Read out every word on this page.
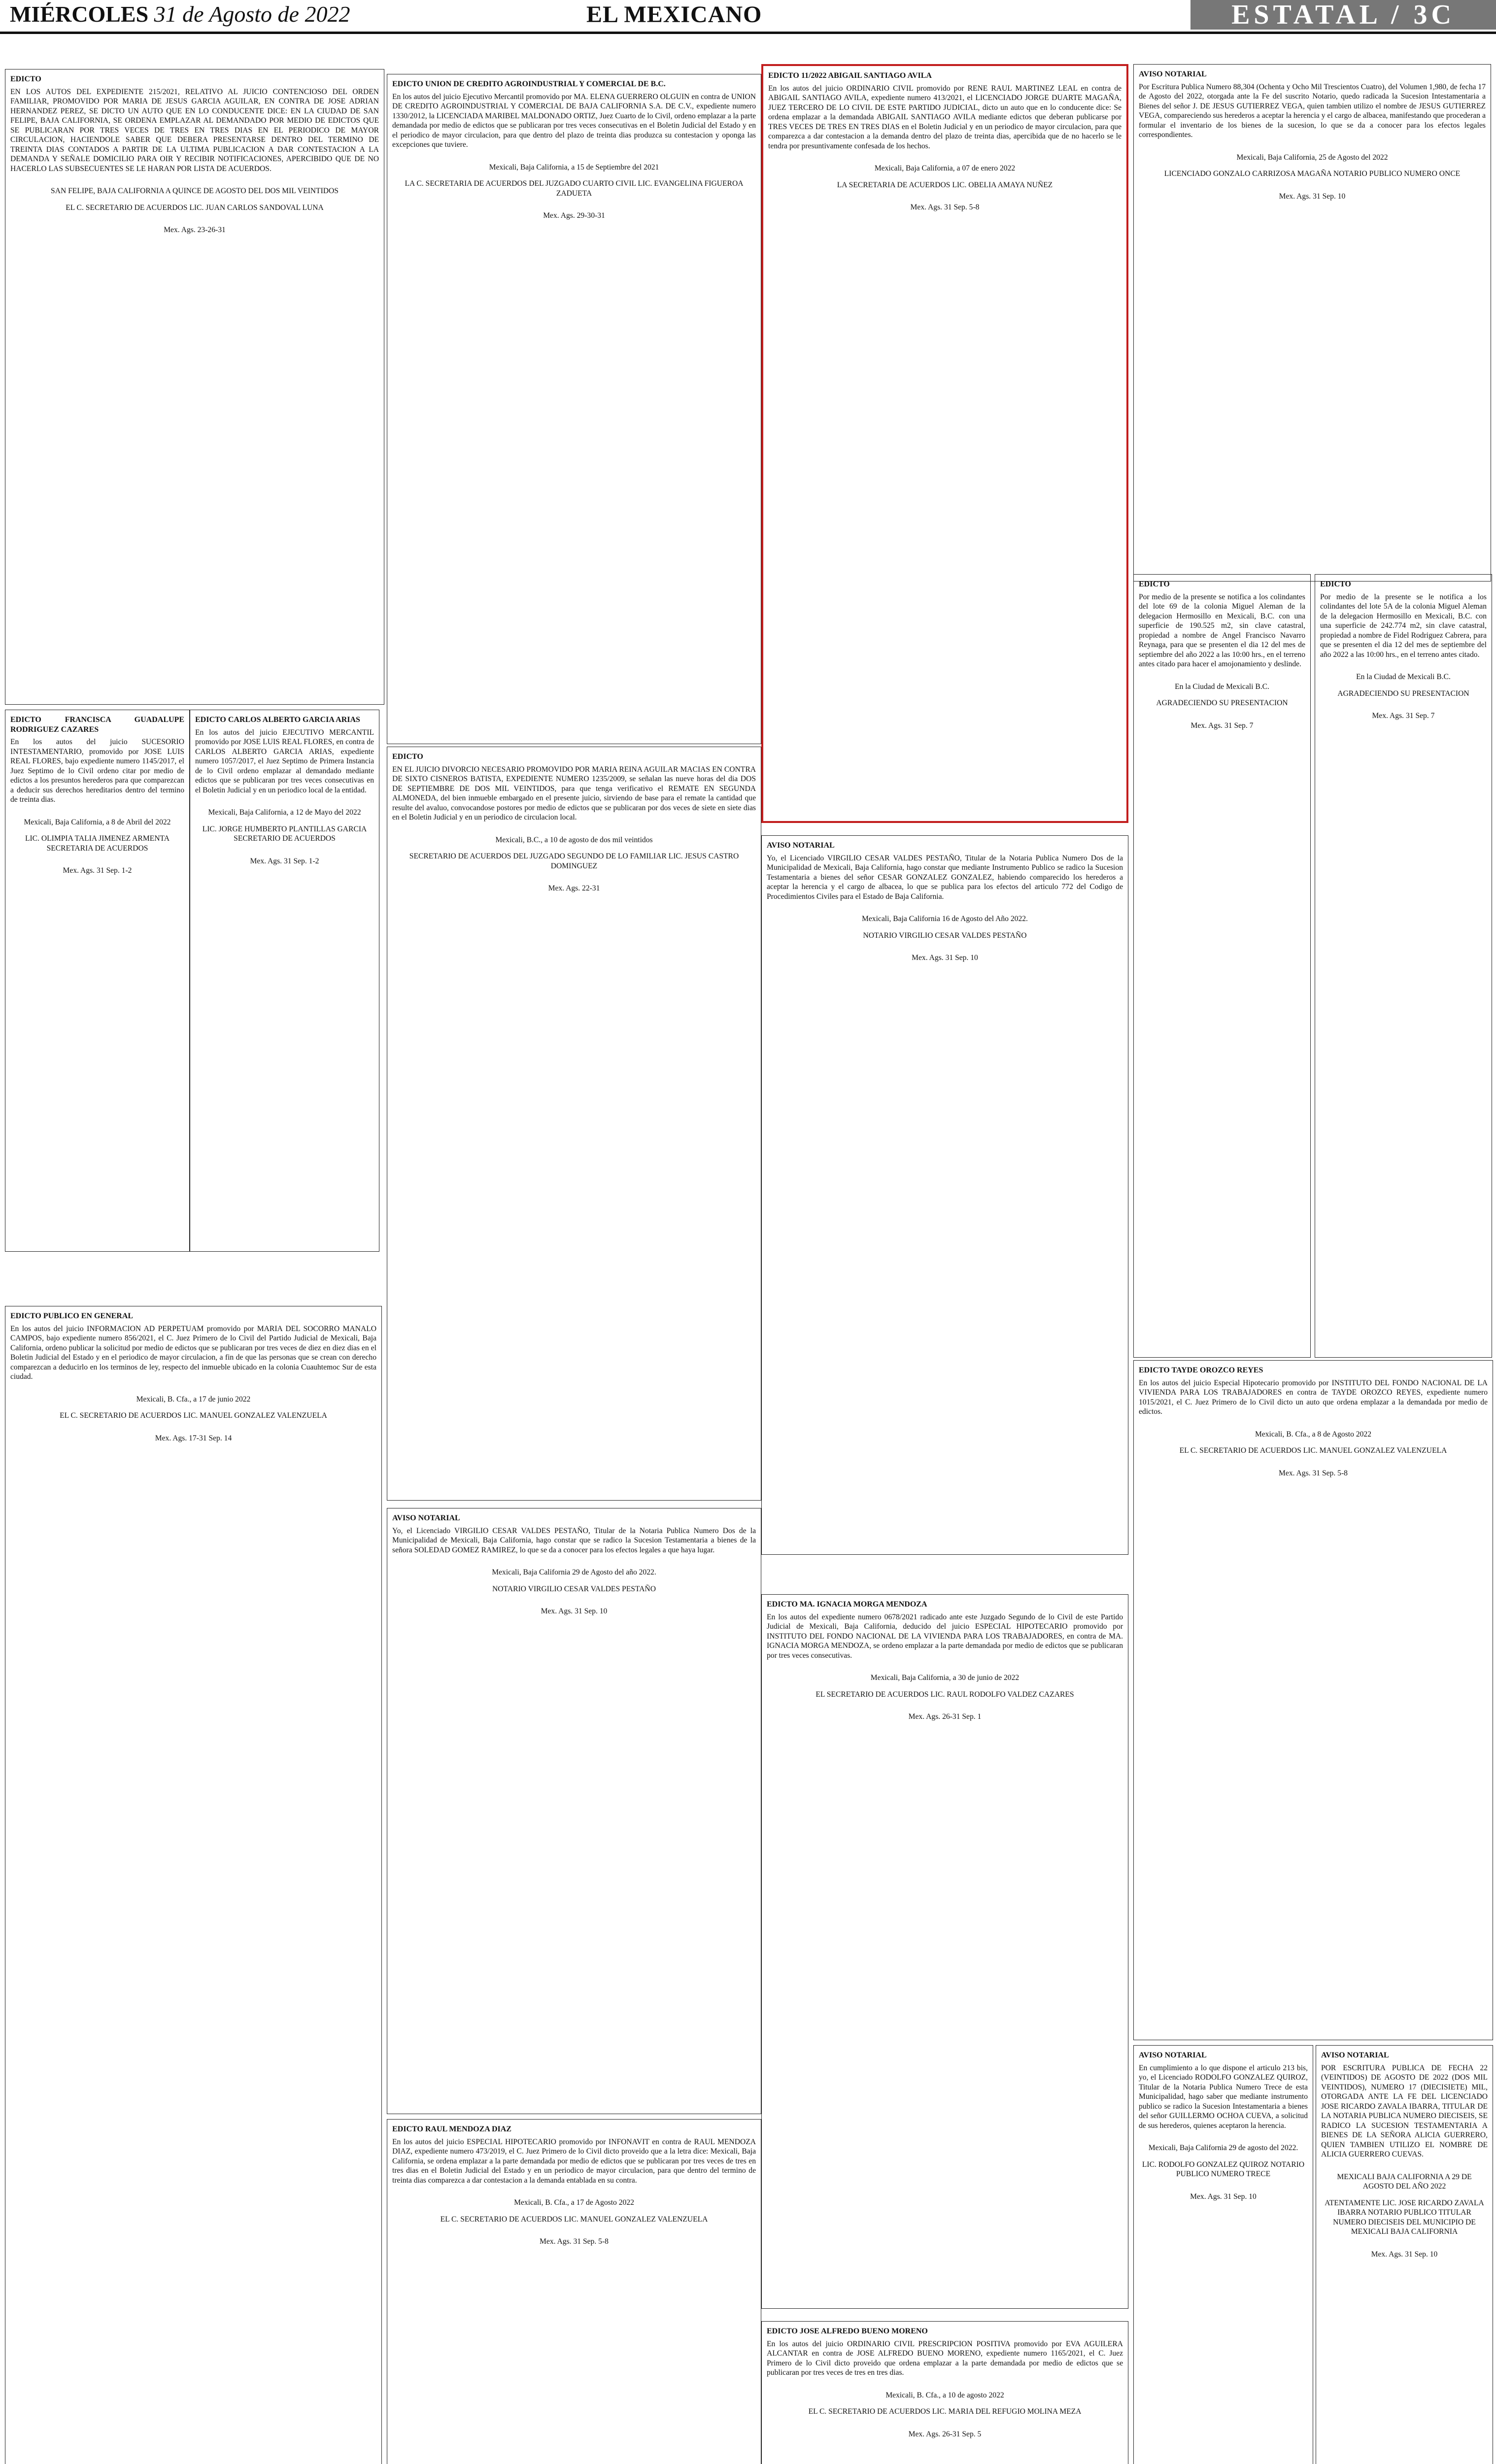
MIÉRCOLES 31 de Agosto de 2022	EL MEXICANO	ESTATAL / 3C
EDICTO
EN LOS AUTOS DEL EXPEDIENTE 215/2021, RELATIVO AL JUICIO CONTENCIOSO DEL ORDEN FAMILIAR, PROMOVIDO POR MARIA DE JESUS GARCIA AGUILAR, EN CONTRA DE JOSE ADRIAN HERNANDEZ PEREZ, SE DICTO UN AUTO QUE EN LO CONDUCENTE DICE: EN LA CIUDAD DE SAN FELIPE, BAJA CALIFORNIA, SE ORDENA EMPLAZAR AL DEMANDADO POR MEDIO DE EDICTOS QUE SE PUBLICARAN POR TRES VECES DE TRES EN TRES DIAS EN EL PERIODICO DE MAYOR CIRCULACION, HACIENDOLE SABER QUE DEBERA PRESENTARSE DENTRO DEL TERMINO DE TREINTA DIAS CONTADOS A PARTIR DE LA ULTIMA PUBLICACION A DAR CONTESTACION A LA DEMANDA Y SEÑALE DOMICILIO PARA OIR Y RECIBIR NOTIFICACIONES, APERCIBIDO QUE DE NO HACERLO LAS SUBSECUENTES SE LE HARAN POR LISTA DE ACUERDOS.
SAN FELIPE, BAJA CALIFORNIA A QUINCE DE AGOSTO DEL DOS MIL VEINTIDOS
EL C. SECRETARIO DE ACUERDOS LIC. JUAN CARLOS SANDOVAL LUNA
Mex. Ags. 23-26-31
EDICTO UNION DE CREDITO AGROINDUSTRIAL Y COMERCIAL DE B.C.
En los autos del juicio Ejecutivo Mercantil promovido por MA. ELENA GUERRERO OLGUIN en contra de UNION DE CREDITO AGROINDUSTRIAL Y COMERCIAL DE BAJA CALIFORNIA S.A. DE C.V., expediente numero 1330/2012, la LICENCIADA MARIBEL MALDONADO ORTIZ, Juez Cuarto de lo Civil, ordeno emplazar a la parte demandada por medio de edictos que se publicaran por tres veces consecutivas en el Boletin Judicial del Estado y en el periodico de mayor circulacion, para que dentro del plazo de treinta dias produzca su contestacion y oponga las excepciones que tuviere.
Mexicali, Baja California, a 15 de Septiembre del 2021
LA C. SECRETARIA DE ACUERDOS DEL JUZGADO CUARTO CIVIL LIC. EVANGELINA FIGUEROA ZADUETA
Mex. Ags. 29-30-31
EDICTO 11/2022 ABIGAIL SANTIAGO AVILA
En los autos del juicio ORDINARIO CIVIL promovido por RENE RAUL MARTINEZ LEAL en contra de ABIGAIL SANTIAGO AVILA, expediente numero 413/2021, el LICENCIADO JORGE DUARTE MAGAÑA, JUEZ TERCERO DE LO CIVIL DE ESTE PARTIDO JUDICIAL, dicto un auto que en lo conducente dice: Se ordena emplazar a la demandada ABIGAIL SANTIAGO AVILA mediante edictos que deberan publicarse por TRES VECES DE TRES EN TRES DIAS en el Boletin Judicial y en un periodico de mayor circulacion, para que comparezca a dar contestacion a la demanda dentro del plazo de treinta dias, apercibida que de no hacerlo se le tendra por presuntivamente confesada de los hechos.
Mexicali, Baja California, a 07 de enero 2022
LA SECRETARIA DE ACUERDOS LIC. OBELIA AMAYA NUÑEZ
Mex. Ags. 31 Sep. 5-8
AVISO NOTARIAL
Por Escritura Publica Numero 88,304 (Ochenta y Ocho Mil Trescientos Cuatro), del Volumen 1,980, de fecha 17 de Agosto del 2022, otorgada ante la Fe del suscrito Notario, quedo radicada la Sucesion Intestamentaria a Bienes del señor J. DE JESUS GUTIERREZ VEGA, quien tambien utilizo el nombre de JESUS GUTIERREZ VEGA, compareciendo sus herederos a aceptar la herencia y el cargo de albacea, manifestando que procederan a formular el inventario de los bienes de la sucesion, lo que se da a conocer para los efectos legales correspondientes.
Mexicali, Baja California, 25 de Agosto del 2022
LICENCIADO GONZALO CARRIZOSA MAGAÑA NOTARIO PUBLICO NUMERO ONCE
Mex. Ags. 31 Sep. 10
EDICTO FRANCISCA GUADALUPE RODRIGUEZ CAZARES
En los autos del juicio SUCESORIO INTESTAMENTARIO, promovido por JOSE LUIS REAL FLORES, bajo expediente numero 1145/2017, el Juez Septimo de lo Civil ordeno citar por medio de edictos a los presuntos herederos para que comparezcan a deducir sus derechos hereditarios dentro del termino de treinta dias.
Mexicali, Baja California, a 8 de Abril del 2022
LIC. OLIMPIA TALIA JIMENEZ ARMENTA SECRETARIA DE ACUERDOS
Mex. Ags. 31 Sep. 1-2
EDICTO CARLOS ALBERTO GARCIA ARIAS
En los autos del juicio EJECUTIVO MERCANTIL promovido por JOSE LUIS REAL FLORES, en contra de CARLOS ALBERTO GARCIA ARIAS, expediente numero 1057/2017, el Juez Septimo de Primera Instancia de lo Civil ordeno emplazar al demandado mediante edictos que se publicaran por tres veces consecutivas en el Boletin Judicial y en un periodico local de la entidad.
Mexicali, Baja California, a 12 de Mayo del 2022
LIC. JORGE HUMBERTO PLANTILLAS GARCIA SECRETARIO DE ACUERDOS
Mex. Ags. 31 Sep. 1-2
EDICTO
EN EL JUICIO DIVORCIO NECESARIO PROMOVIDO POR MARIA REINA AGUILAR MACIAS EN CONTRA DE SIXTO CISNEROS BATISTA, EXPEDIENTE NUMERO 1235/2009, se señalan las nueve horas del dia DOS DE SEPTIEMBRE DE DOS MIL VEINTIDOS, para que tenga verificativo el REMATE EN SEGUNDA ALMONEDA, del bien inmueble embargado en el presente juicio, sirviendo de base para el remate la cantidad que resulte del avaluo, convocandose postores por medio de edictos que se publicaran por dos veces de siete en siete dias en el Boletin Judicial y en un periodico de circulacion local.
Mexicali, B.C., a 10 de agosto de dos mil veintidos
SECRETARIO DE ACUERDOS DEL JUZGADO SEGUNDO DE LO FAMILIAR LIC. JESUS CASTRO DOMINGUEZ
Mex. Ags. 22-31
AVISO NOTARIAL
Yo, el Licenciado VIRGILIO CESAR VALDES PESTAÑO, Titular de la Notaria Publica Numero Dos de la Municipalidad de Mexicali, Baja California, hago constar que mediante Instrumento Publico se radico la Sucesion Testamentaria a bienes del señor CESAR GONZALEZ GONZALEZ, habiendo comparecido los herederos a aceptar la herencia y el cargo de albacea, lo que se publica para los efectos del articulo 772 del Codigo de Procedimientos Civiles para el Estado de Baja California.
Mexicali, Baja California 16 de Agosto del Año 2022.
NOTARIO VIRGILIO CESAR VALDES PESTAÑO
Mex. Ags. 31 Sep. 10
EDICTO
Por medio de la presente se notifica a los colindantes del lote 69 de la colonia Miguel Aleman de la delegacion Hermosillo en Mexicali, B.C. con una superficie de 190.525 m2, sin clave catastral, propiedad a nombre de Angel Francisco Navarro Reynaga, para que se presenten el dia 12 del mes de septiembre del año 2022 a las 10:00 hrs., en el terreno antes citado para hacer el amojonamiento y deslinde.
En la Ciudad de Mexicali B.C.
AGRADECIENDO SU PRESENTACION
Mex. Ags. 31 Sep. 7
EDICTO
Por medio de la presente se le notifica a los colindantes del lote 5A de la colonia Miguel Aleman de la delegacion Hermosillo en Mexicali, B.C. con una superficie de 242.774 m2, sin clave catastral, propiedad a nombre de Fidel Rodriguez Cabrera, para que se presenten el dia 12 del mes de septiembre del año 2022 a las 10:00 hrs., en el terreno antes citado.
En la Ciudad de Mexicali B.C.
AGRADECIENDO SU PRESENTACION
Mex. Ags. 31 Sep. 7
EDICTO PUBLICO EN GENERAL
En los autos del juicio INFORMACION AD PERPETUAM promovido por MARIA DEL SOCORRO MANALO CAMPOS, bajo expediente numero 856/2021, el C. Juez Primero de lo Civil del Partido Judicial de Mexicali, Baja California, ordeno publicar la solicitud por medio de edictos que se publicaran por tres veces de diez en diez dias en el Boletin Judicial del Estado y en el periodico de mayor circulacion, a fin de que las personas que se crean con derecho comparezcan a deducirlo en los terminos de ley, respecto del inmueble ubicado en la colonia Cuauhtemoc Sur de esta ciudad.
Mexicali, B. Cfa., a 17 de junio 2022
EL C. SECRETARIO DE ACUERDOS LIC. MANUEL GONZALEZ VALENZUELA
Mex. Ags. 17-31 Sep. 14
AVISO NOTARIAL
Yo, el Licenciado VIRGILIO CESAR VALDES PESTAÑO, Titular de la Notaria Publica Numero Dos de la Municipalidad de Mexicali, Baja California, hago constar que se radico la Sucesion Testamentaria a bienes de la señora SOLEDAD GOMEZ RAMIREZ, lo que se da a conocer para los efectos legales a que haya lugar.
Mexicali, Baja California 29 de Agosto del año 2022.
NOTARIO VIRGILIO CESAR VALDES PESTAÑO
Mex. Ags. 31 Sep. 10
EDICTO MA. IGNACIA MORGA MENDOZA
En los autos del expediente numero 0678/2021 radicado ante este Juzgado Segundo de lo Civil de este Partido Judicial de Mexicali, Baja California, deducido del juicio ESPECIAL HIPOTECARIO promovido por INSTITUTO DEL FONDO NACIONAL DE LA VIVIENDA PARA LOS TRABAJADORES, en contra de MA. IGNACIA MORGA MENDOZA, se ordeno emplazar a la parte demandada por medio de edictos que se publicaran por tres veces consecutivas.
Mexicali, Baja California, a 30 de junio de 2022
EL SECRETARIO DE ACUERDOS LIC. RAUL RODOLFO VALDEZ CAZARES
Mex. Ags. 26-31 Sep. 1
EDICTO TAYDE OROZCO REYES
En los autos del juicio Especial Hipotecario promovido por INSTITUTO DEL FONDO NACIONAL DE LA VIVIENDA PARA LOS TRABAJADORES en contra de TAYDE OROZCO REYES, expediente numero 1015/2021, el C. Juez Primero de lo Civil dicto un auto que ordena emplazar a la demandada por medio de edictos.
Mexicali, B. Cfa., a 8 de Agosto 2022
EL C. SECRETARIO DE ACUERDOS LIC. MANUEL GONZALEZ VALENZUELA
Mex. Ags. 31 Sep. 5-8
EDICTO RAUL MENDOZA DIAZ
En los autos del juicio ESPECIAL HIPOTECARIO promovido por INFONAVIT en contra de RAUL MENDOZA DIAZ, expediente numero 473/2019, el C. Juez Primero de lo Civil dicto proveido que a la letra dice: Mexicali, Baja California, se ordena emplazar a la parte demandada por medio de edictos que se publicaran por tres veces de tres en tres dias en el Boletin Judicial del Estado y en un periodico de mayor circulacion, para que dentro del termino de treinta dias comparezca a dar contestacion a la demanda entablada en su contra.
Mexicali, B. Cfa., a 17 de Agosto 2022
EL C. SECRETARIO DE ACUERDOS LIC. MANUEL GONZALEZ VALENZUELA
Mex. Ags. 31 Sep. 5-8
EDICTO JOSE ALFREDO BUENO MORENO
En los autos del juicio ORDINARIO CIVIL PRESCRIPCION POSITIVA promovido por EVA AGUILERA ALCANTAR en contra de JOSE ALFREDO BUENO MORENO, expediente numero 1165/2021, el C. Juez Primero de lo Civil dicto proveido que ordena emplazar a la parte demandada por medio de edictos que se publicaran por tres veces de tres en tres dias.
Mexicali, B. Cfa., a 10 de agosto 2022
EL C. SECRETARIO DE ACUERDOS LIC. MARIA DEL REFUGIO MOLINA MEZA
Mex. Ags. 26-31 Sep. 5
AVISO NOTARIAL
En cumplimiento a lo que dispone el articulo 213 bis, yo, el Licenciado RODOLFO GONZALEZ QUIROZ, Titular de la Notaria Publica Numero Trece de esta Municipalidad, hago saber que mediante instrumento publico se radico la Sucesion Intestamentaria a bienes del señor GUILLERMO OCHOA CUEVA, a solicitud de sus herederos, quienes aceptaron la herencia.
Mexicali, Baja California 29 de agosto del 2022.
LIC. RODOLFO GONZALEZ QUIROZ NOTARIO PUBLICO NUMERO TRECE
Mex. Ags. 31 Sep. 10
AVISO NOTARIAL
POR ESCRITURA PUBLICA DE FECHA 22 (VEINTIDOS) DE AGOSTO DE 2022 (DOS MIL VEINTIDOS), NUMERO 17 (DIECISIETE) MIL, OTORGADA ANTE LA FE DEL LICENCIADO JOSE RICARDO ZAVALA IBARRA, TITULAR DE LA NOTARIA PUBLICA NUMERO DIECISEIS, SE RADICO LA SUCESION TESTAMENTARIA A BIENES DE LA SEÑORA ALICIA GUERRERO, QUIEN TAMBIEN UTILIZO EL NOMBRE DE ALICIA GUERRERO CUEVAS.
MEXICALI BAJA CALIFORNIA A 29 DE AGOSTO DEL AÑO 2022
ATENTAMENTE LIC. JOSE RICARDO ZAVALA IBARRA NOTARIO PUBLICO TITULAR NUMERO DIECISEIS DEL MUNICIPIO DE MEXICALI BAJA CALIFORNIA
Mex. Ags. 31 Sep. 10
